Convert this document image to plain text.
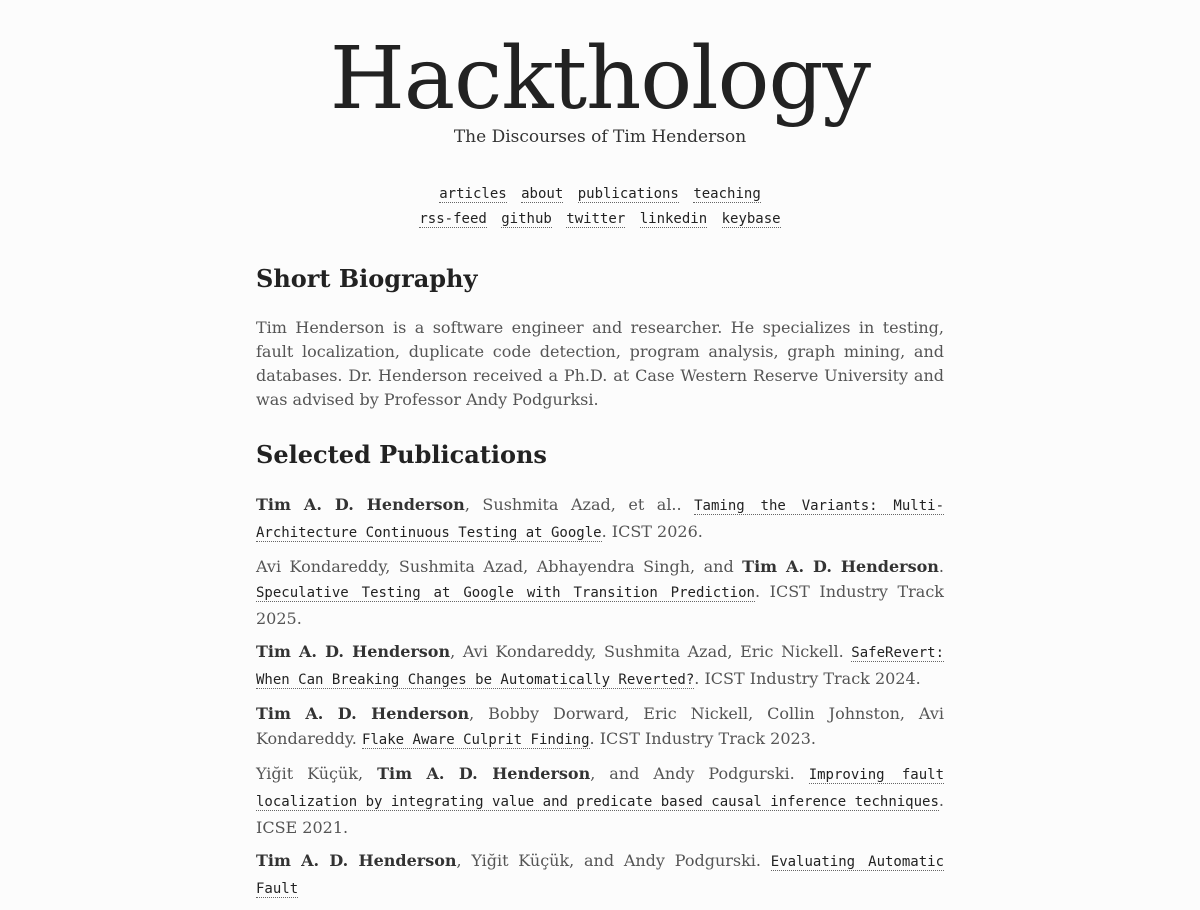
Hackthology
The Discourses of Tim Henderson
articles about publications teaching
rss-feed github twitter linkedin keybase
Short Biography

Tim Henderson is a software engineer and researcher. He specializes in testing, fault localization, duplicate code detection, program analysis, graph mining, and databases. Dr. Henderson received a Ph.D. at Case Western Reserve University and was advised by Professor Andy Podgurksi.

Selected Publications

Tim A. D. Henderson, Sushmita Azad, et al.. Taming the Variants: Multi-Architecture Continuous Testing at Google. ICST 2026.

Avi Kondareddy, Sushmita Azad, Abhayendra Singh, and Tim A. D. Henderson. Speculative Testing at Google with Transition Prediction. ICST Industry Track 2025.

Tim A. D. Henderson, Avi Kondareddy, Sushmita Azad, Eric Nickell. SafeRevert: When Can Breaking Changes be Automatically Reverted?. ICST Industry Track 2024.

Tim A. D. Henderson, Bobby Dorward, Eric Nickell, Collin Johnston, Avi Kondareddy. Flake Aware Culprit Finding. ICST Industry Track 2023.

Yiğit Küçük, Tim A. D. Henderson, and Andy Podgurski. Improving fault localization by integrating value and predicate based causal inference techniques. ICSE 2021.

Tim A. D. Henderson, Yiğit Küçük, and Andy Podgurski. Evaluating Automatic Fault
